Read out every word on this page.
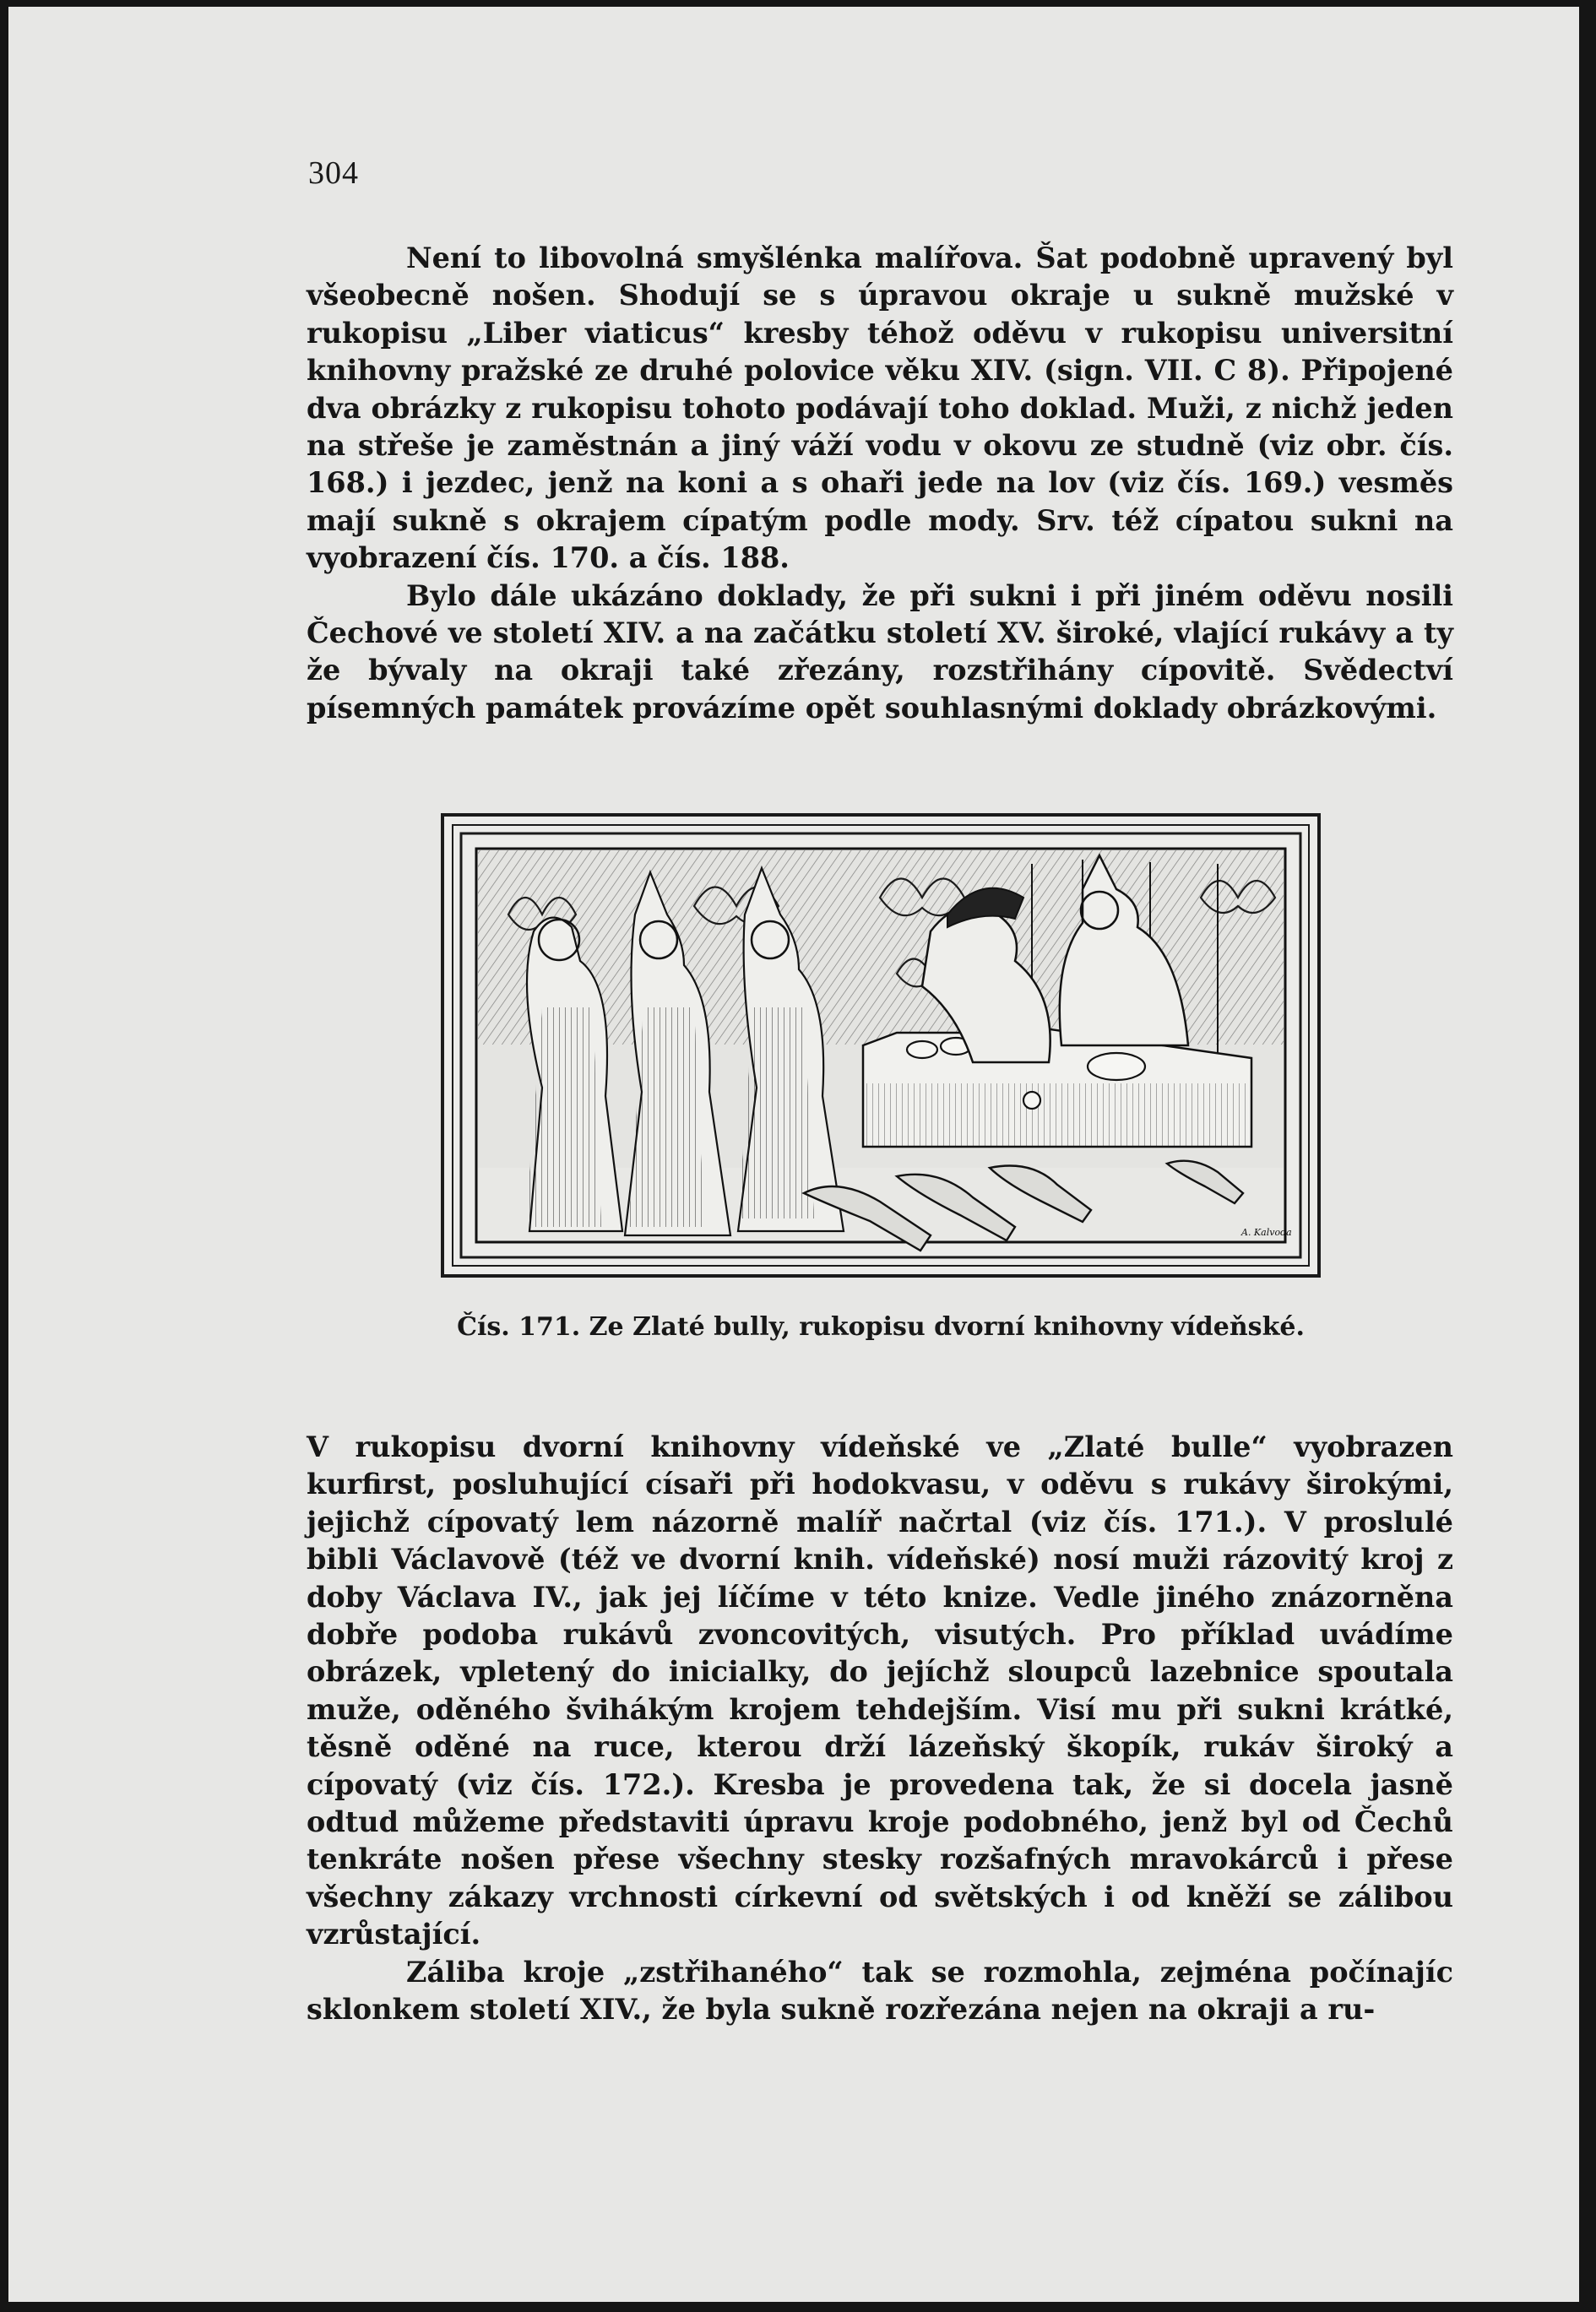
304

Není to libovolná smyšlénka malířova. Šat podobně upravený byl všeobecně nošen. Shodují se s úpravou okraje u sukně mužské v rukopisu „Liber viaticus“ kresby téhož oděvu v rukopisu universitní knihovny pražské ze druhé polovice věku XIV. (sign. VII. C 8). Připojené dva obrázky z rukopisu tohoto podávají toho doklad. Muži, z nichž jeden na střeše je zaměstnán a jiný váží vodu v okovu ze studně (viz obr. čís. 168.) i jezdec, jenž na koni a s ohaři jede na lov (viz čís. 169.) vesměs mají sukně s okrajem cípatým podle mody. Srv. též cípatou sukni na vyobrazení čís. 170. a čís. 188.

Bylo dále ukázáno doklady, že při sukni i při jiném oděvu nosili Čechové ve století XIV. a na začátku století XV. široké, vlající rukávy a ty že bývaly na okraji také zřezány, rozstřihány cípovitě. Svědectví písemných památek provázíme opět souhlasnými doklady obrázkovými.

A. Kalvoda
Čís. 171. Ze Zlaté bully, rukopisu dvorní knihovny vídeňské.

V rukopisu dvorní knihovny vídeňské ve „Zlaté bulle“ vyobrazen kurfirst, posluhující císaři při hodokvasu, v oděvu s rukávy širokými, jejichž cípovatý lem názorně malíř načrtal (viz čís. 171.). V proslulé bibli Václavově (též ve dvorní knih. vídeňské) nosí muži rázovitý kroj z doby Václava IV., jak jej líčíme v této knize. Vedle jiného znázorněna dobře podoba rukávů zvoncovitých, visutých. Pro příklad uvádíme obrázek, vpletený do inicialky, do jejíchž sloupců lazebnice spoutala muže, oděného švihákým krojem tehdejším. Visí mu při sukni krátké, těsně oděné na ruce, kterou drží lázeňský škopík, rukáv široký a cípovatý (viz čís. 172.). Kresba je provedena tak, že si docela jasně odtud můžeme představiti úpravu kroje podobného, jenž byl od Čechů tenkráte nošen přese všechny stesky rozšafných mravokárců i přese všechny zákazy vrchnosti církevní od světských i od kněží se zálibou vzrůstající.

Záliba kroje „zstřihaného“ tak se rozmohla, zejména počínajíc sklonkem století XIV., že byla sukně rozřezána nejen na okraji a ru-
